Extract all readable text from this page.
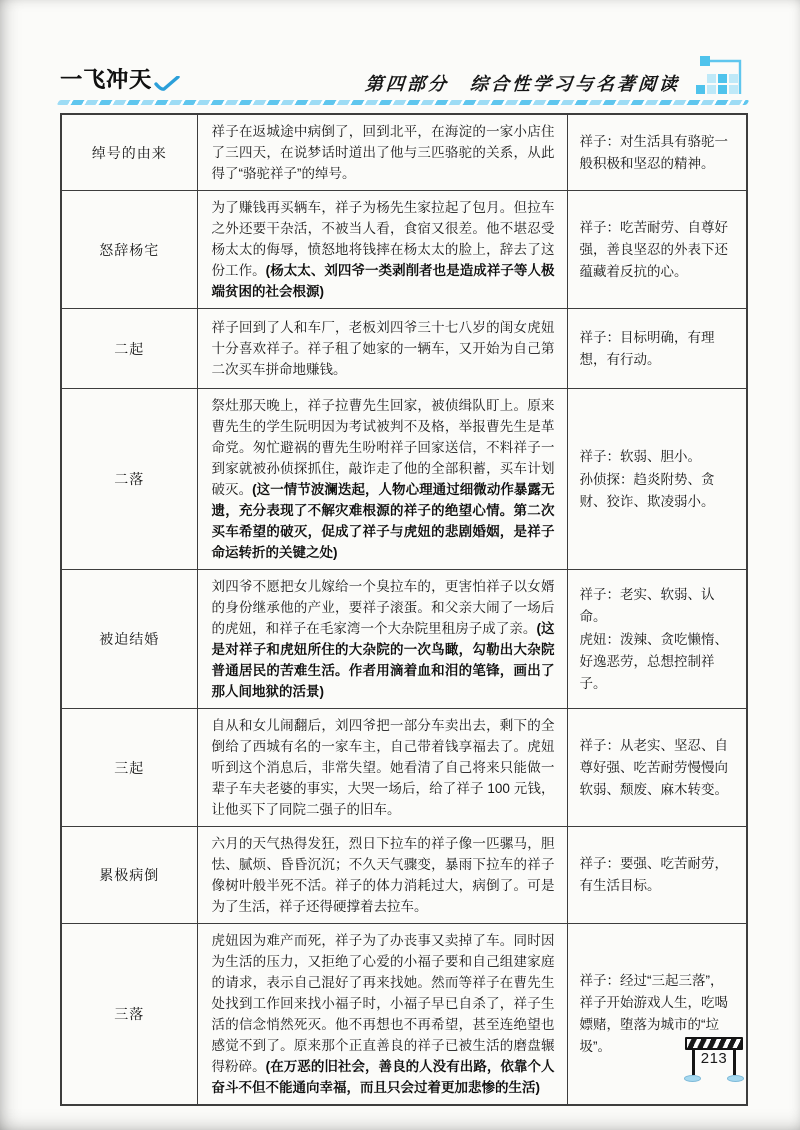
一飞冲天	第四部分　综合性学习与名著阅读
绰号的由来	祥子在返城途中病倒了，回到北平，在海淀的一家小店住了三四天，在说梦话时道出了他与三匹骆驼的关系，从此得了“骆驼祥子”的绰号。	祥子：对生活具有骆驼一般积极和坚忍的精神。

怒辞杨宅	为了赚钱再买辆车，祥子为杨先生家拉起了包月。但拉车之外还要干杂活，不被当人看，食宿又很差。他不堪忍受杨太太的侮辱，愤怒地将钱摔在杨太太的脸上，辞去了这份工作。(杨太太、刘四爷一类剥削者也是造成祥子等人极端贫困的社会根源)	祥子：吃苦耐劳、自尊好强，善良坚忍的外表下还蕴藏着反抗的心。

二起	祥子回到了人和车厂，老板刘四爷三十七八岁的闺女虎妞十分喜欢祥子。祥子租了她家的一辆车，又开始为自己第二次买车拼命地赚钱。	祥子：目标明确，有理想，有行动。

二落	祭灶那天晚上，祥子拉曹先生回家，被侦缉队盯上。原来曹先生的学生阮明因为考试被判不及格，举报曹先生是革命党。匆忙避祸的曹先生吩咐祥子回家送信，不料祥子一到家就被孙侦探抓住，敲诈走了他的全部积蓄，买车计划破灭。(这一情节波澜迭起，人物心理通过细微动作暴露无遗，充分表现了不解灾难根源的祥子的绝望心情。第二次买车希望的破灭，促成了祥子与虎妞的悲剧婚姻，是祥子命运转折的关键之处)	祥子：软弱、胆小。
孙侦探：趋炎附势、贪财、狡诈、欺凌弱小。

被迫结婚	刘四爷不愿把女儿嫁给一个臭拉车的，更害怕祥子以女婿的身份继承他的产业，要祥子滚蛋。和父亲大闹了一场后的虎妞，和祥子在毛家湾一个大杂院里租房子成了亲。(这是对祥子和虎妞所住的大杂院的一次鸟瞰，勾勒出大杂院普通居民的苦难生活。作者用滴着血和泪的笔锋，画出了那人间地狱的活景)	祥子：老实、软弱、认命。
虎妞：泼辣、贪吃懒惰、好逸恶劳，总想控制祥子。

三起	自从和女儿闹翻后，刘四爷把一部分车卖出去，剩下的全倒给了西城有名的一家车主，自己带着钱享福去了。虎妞听到这个消息后，非常失望。她看清了自己将来只能做一辈子车夫老婆的事实，大哭一场后，给了祥子 100 元钱，让他买下了同院二强子的旧车。	祥子：从老实、坚忍、自尊好强、吃苦耐劳慢慢向软弱、颓废、麻木转变。

累极病倒	六月的天气热得发狂，烈日下拉车的祥子像一匹骡马，胆怯、腻烦、昏昏沉沉；不久天气骤变，暴雨下拉车的祥子像树叶般半死不活。祥子的体力消耗过大，病倒了。可是为了生活，祥子还得硬撑着去拉车。	祥子：要强、吃苦耐劳，有生活目标。

三落	虎妞因为难产而死，祥子为了办丧事又卖掉了车。同时因为生活的压力，又拒绝了心爱的小福子要和自己组建家庭的请求，表示自己混好了再来找她。然而等祥子在曹先生处找到工作回来找小福子时，小福子早已自杀了，祥子生活的信念悄然死灭。他不再想也不再希望，甚至连绝望也感觉不到了。原来那个正直善良的祥子已被生活的磨盘辗得粉碎。(在万恶的旧社会，善良的人没有出路，依靠个人奋斗不但不能通向幸福，而且只会过着更加悲惨的生活)	祥子：经过“三起三落”，祥子开始游戏人生，吃喝嫖赌，堕落为城市的“垃圾”。
213
